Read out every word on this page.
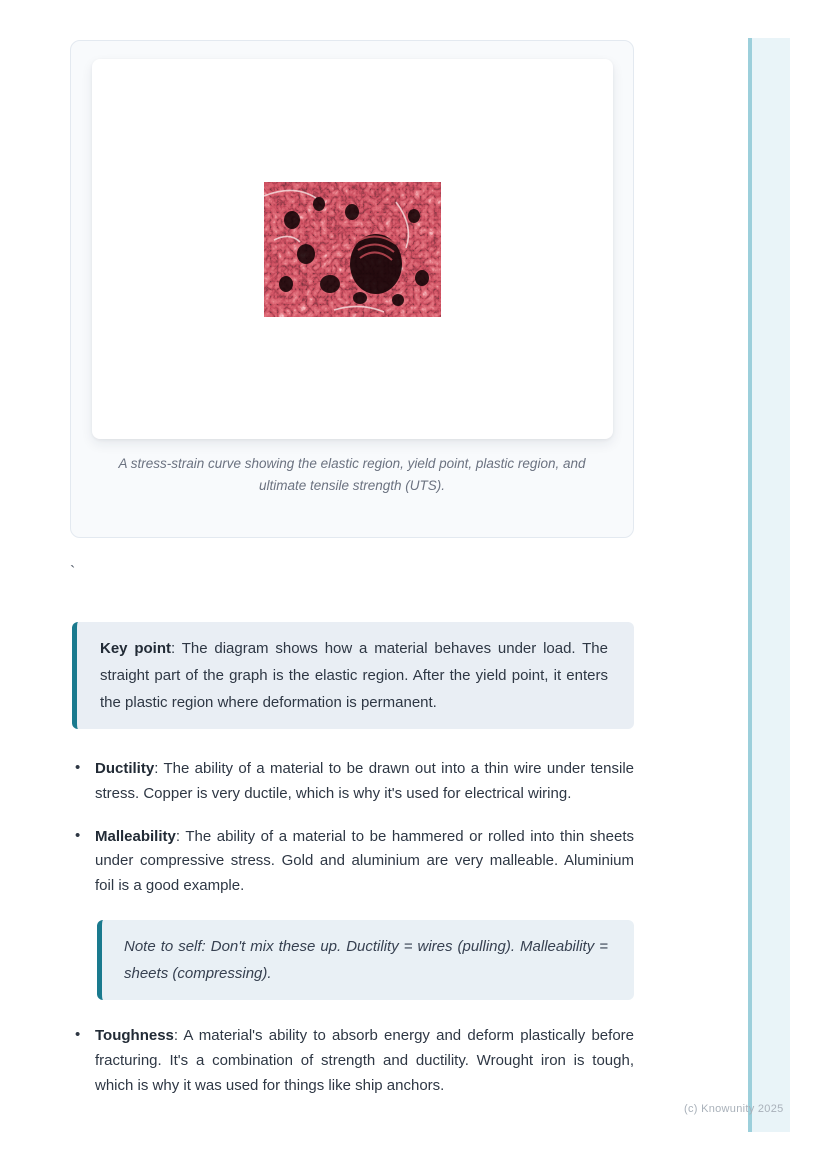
A stress-strain curve showing the elastic region, yield point, plastic region, and ultimate tensile strength (UTS).
`
Key point: The diagram shows how a material behaves under load. The straight part of the graph is the elastic region. After the yield point, it enters the plastic region where deformation is permanent.
• Ductility: The ability of a material to be drawn out into a thin wire under tensile stress. Copper is very ductile, which is why it's used for electrical wiring.
• Malleability: The ability of a material to be hammered or rolled into thin sheets under compressive stress. Gold and aluminium are very malleable. Aluminium foil is a good example.
Note to self: Don't mix these up. Ductility = wires (pulling). Malleability = sheets (compressing).
• Toughness: A material's ability to absorb energy and deform plastically before fracturing. It's a combination of strength and ductility. Wrought iron is tough, which is why it was used for things like ship anchors.
(c) Knowunity 2025
